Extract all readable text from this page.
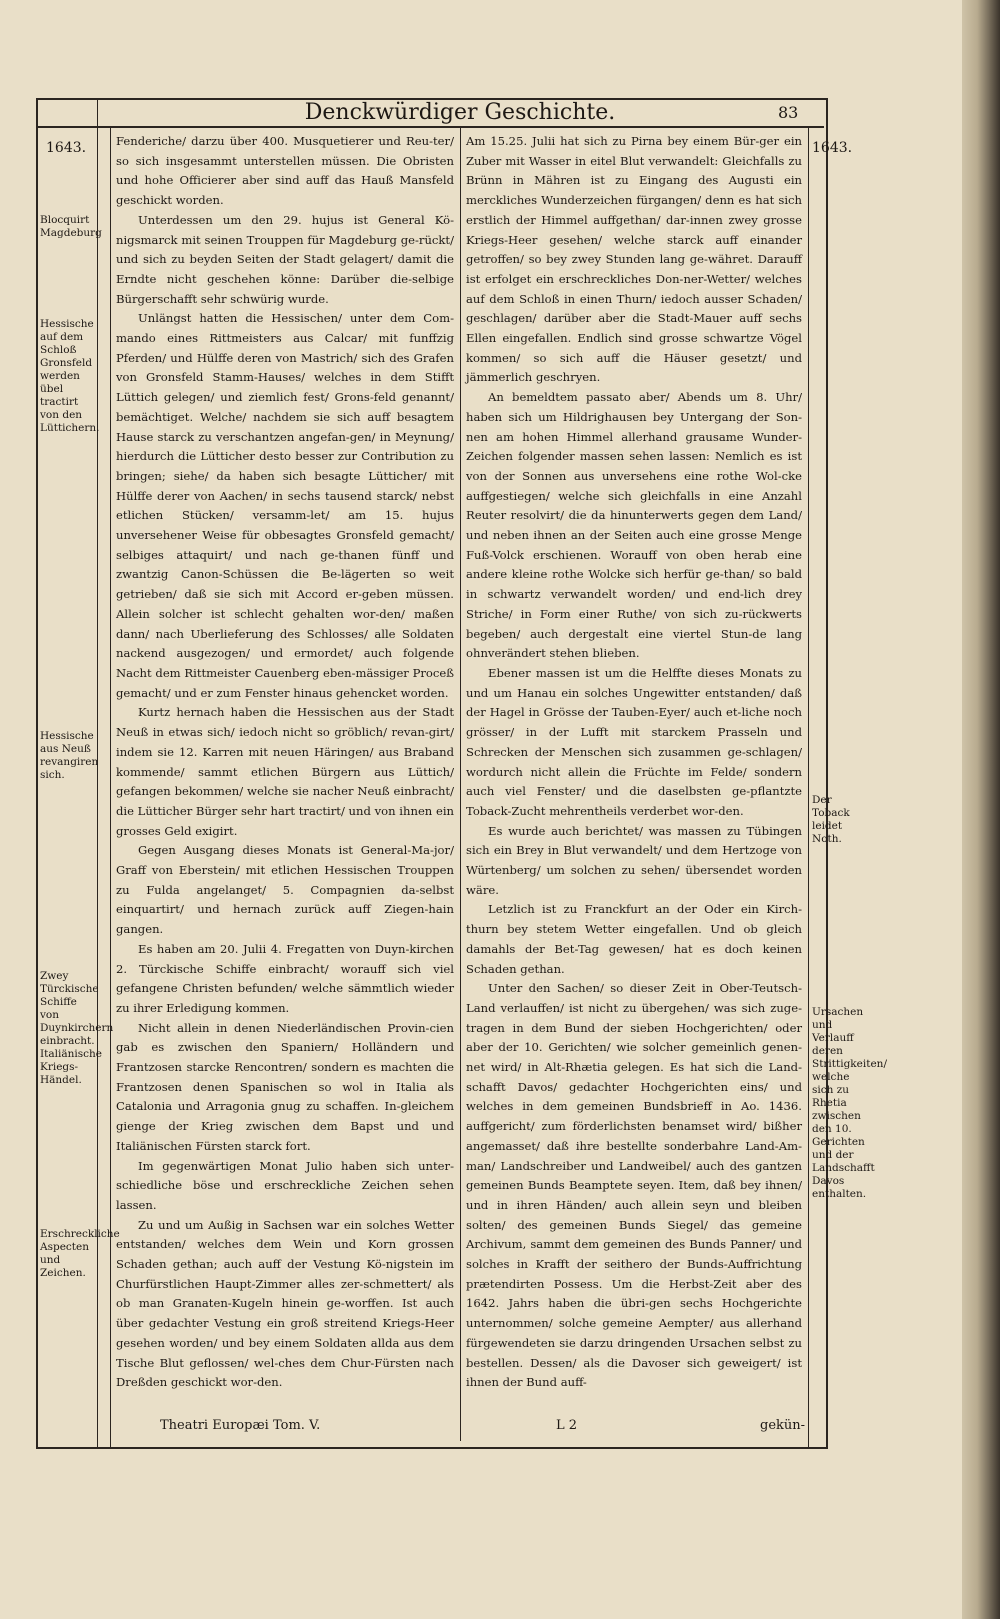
Denckwürdiger Geschichte.	83
1643.	1643.

Fenderiche/ darzu über 400. Musquetierer und Reu-ter/ so sich insgesammt unterstellen müssen. Die Obristen und hohe Officierer aber sind auff das Hauß Mansfeld geschickt worden.

Unterdessen um den 29. hujus ist General Kö-nigsmarck mit seinen Trouppen für Magdeburg ge-rückt/ und sich zu beyden Seiten der Stadt gelagert/ damit die Erndte nicht geschehen könne: Darüber die-selbige Bürgerschafft sehr schwürig wurde.

Unlängst hatten die Hessischen/ unter dem Com-mando eines Rittmeisters aus Calcar/ mit funffzig Pferden/ und Hülffe deren von Mastrich/ sich des Grafen von Gronsfeld Stamm-Hauses/ welches in dem Stifft Lüttich gelegen/ und ziemlich fest/ Grons-feld genannt/ bemächtiget. Welche/ nachdem sie sich auff besagtem Hause starck zu verschantzen angefan-gen/ in Meynung/ hierdurch die Lütticher desto besser zur Contribution zu bringen; siehe/ da haben sich besagte Lütticher/ mit Hülffe derer von Aachen/ in sechs tausend starck/ nebst etlichen Stücken/ versamm-let/ am 15. hujus unversehener Weise für obbesagtes Gronsfeld gemacht/ selbiges attaquirt/ und nach ge-thanen fünff und zwantzig Canon-Schüssen die Be-lägerten so weit getrieben/ daß sie sich mit Accord er-geben müssen. Allein solcher ist schlecht gehalten wor-den/ maßen dann/ nach Uberlieferung des Schlosses/ alle Soldaten nackend ausgezogen/ und ermordet/ auch folgende Nacht dem Rittmeister Cauenberg eben-mässiger Proceß gemacht/ und er zum Fenster hinaus gehencket worden.

Kurtz hernach haben die Hessischen aus der Stadt Neuß in etwas sich/ iedoch nicht so gröblich/ revan-girt/ indem sie 12. Karren mit neuen Häringen/ aus Braband kommende/ sammt etlichen Bürgern aus Lüttich/ gefangen bekommen/ welche sie nacher Neuß einbracht/ die Lütticher Bürger sehr hart tractirt/ und von ihnen ein grosses Geld exigirt.

Gegen Ausgang dieses Monats ist General-Ma-jor/ Graff von Eberstein/ mit etlichen Hessischen Trouppen zu Fulda angelanget/ 5. Compagnien da-selbst einquartirt/ und hernach zurück auff Ziegen-hain gangen.

Es haben am 20. Julii 4. Fregatten von Duyn-kirchen 2. Türckische Schiffe einbracht/ worauff sich viel gefangene Christen befunden/ welche sämmtlich wieder zu ihrer Erledigung kommen.

Nicht allein in denen Niederländischen Provin-cien gab es zwischen den Spaniern/ Holländern und Frantzosen starcke Rencontren/ sondern es machten die Frantzosen denen Spanischen so wol in Italia als Catalonia und Arragonia gnug zu schaffen. In-gleichem gienge der Krieg zwischen dem Bapst und und Italiänischen Fürsten starck fort.

Im gegenwärtigen Monat Julio haben sich unter-schiedliche böse und erschreckliche Zeichen sehen lassen.

Zu und um Außig in Sachsen war ein solches Wetter entstanden/ welches dem Wein und Korn grossen Schaden gethan; auch auff der Vestung Kö-nigstein im Churfürstlichen Haupt-Zimmer alles zer-schmettert/ als ob man Granaten-Kugeln hinein ge-worffen. Ist auch über gedachter Vestung ein groß streitend Kriegs-Heer gesehen worden/ und bey einem Soldaten allda aus dem Tische Blut geflossen/ wel-ches dem Chur-Fürsten nach Dreßden geschickt wor-den.

Am 15.25. Julii hat sich zu Pirna bey einem Bür-ger ein Zuber mit Wasser in eitel Blut verwandelt: Gleichfalls zu Brünn in Mähren ist zu Eingang des Augusti ein merckliches Wunderzeichen fürgangen/ denn es hat sich erstlich der Himmel auffgethan/ dar-innen zwey grosse Kriegs-Heer gesehen/ welche starck auff einander getroffen/ so bey zwey Stunden lang ge-währet. Darauff ist erfolget ein erschreckliches Don-ner-Wetter/ welches auf dem Schloß in einen Thurn/ iedoch ausser Schaden/ geschlagen/ darüber aber die Stadt-Mauer auff sechs Ellen eingefallen. Endlich sind grosse schwartze Vögel kommen/ so sich auff die Häuser gesetzt/ und jämmerlich geschryen.

An bemeldtem passato aber/ Abends um 8. Uhr/ haben sich um Hildrighausen bey Untergang der Son-nen am hohen Himmel allerhand grausame Wunder-Zeichen folgender massen sehen lassen: Nemlich es ist von der Sonnen aus unversehens eine rothe Wol-cke auffgestiegen/ welche sich gleichfalls in eine Anzahl Reuter resolvirt/ die da hinunterwerts gegen dem Land/ und neben ihnen an der Seiten auch eine grosse Menge Fuß-Volck erschienen. Worauff von oben herab eine andere kleine rothe Wolcke sich herfür ge-than/ so bald in schwartz verwandelt worden/ und end-lich drey Striche/ in Form einer Ruthe/ von sich zu-rückwerts begeben/ auch dergestalt eine viertel Stun-de lang ohnverändert stehen blieben.

Ebener massen ist um die Helffte dieses Monats zu und um Hanau ein solches Ungewitter entstanden/ daß der Hagel in Grösse der Tauben-Eyer/ auch et-liche noch grösser/ in der Lufft mit starckem Prasseln und Schrecken der Menschen sich zusammen ge-schlagen/ wordurch nicht allein die Früchte im Felde/ sondern auch viel Fenster/ und die daselbsten ge-pflantzte Toback-Zucht mehrentheils verderbet wor-den.

Es wurde auch berichtet/ was massen zu Tübingen sich ein Brey in Blut verwandelt/ und dem Hertzoge von Würtenberg/ um solchen zu sehen/ übersendet worden wäre.

Letzlich ist zu Franckfurt an der Oder ein Kirch-thurn bey stetem Wetter eingefallen. Und ob gleich damahls der Bet-Tag gewesen/ hat es doch keinen Schaden gethan.

Unter den Sachen/ so dieser Zeit in Ober-Teutsch-Land verlauffen/ ist nicht zu übergehen/ was sich zuge-tragen in dem Bund der sieben Hochgerichten/ oder aber der 10. Gerichten/ wie solcher gemeinlich genen-net wird/ in Alt-Rhætia gelegen. Es hat sich die Land-schafft Davos/ gedachter Hochgerichten eins/ und welches in dem gemeinen Bundsbrieff in Ao. 1436. auffgericht/ zum förderlichsten benamset wird/ bißher angemasset/ daß ihre bestellte sonderbahre Land-Am-man/ Landschreiber und Landweibel/ auch des gantzen gemeinen Bunds Beamptete seyen. Item, daß bey ihnen/ und in ihren Händen/ auch allein seyn und bleiben solten/ des gemeinen Bunds Siegel/ das gemeine Archivum, sammt dem gemeinen des Bunds Panner/ und solches in Krafft der seithero der Bunds-Auffrichtung prætendirten Possess. Um die Herbst-Zeit aber des 1642. Jahrs haben die übri-gen sechs Hochgerichte unternommen/ solche gemeine Aempter/ aus allerhand fürgewendeten sie darzu dringenden Ursachen selbst zu bestellen. Dessen/ als die Davoser sich geweigert/ ist ihnen der Bund auff-

Blocquirt Magdeburg
Hessische auf dem Schloß Gronsfeld werden übel tractirt von den Lüttichern.
Hessische aus Neuß revangiren sich.
Zwey Türckische Schiffe von Duynkirchern einbracht.
Italiänische Kriegs-Händel.
Erschreckliche Aspecten und Zeichen.
Der Toback leidet Noth.
Ursachen und Verlauff deren Strittigkeiten/ welche sich zu Rhetia zwischen den 10. Gerichten und der Landschafft Davos enthalten.
Theatri Europæi Tom. V.	L 2	gekün-
